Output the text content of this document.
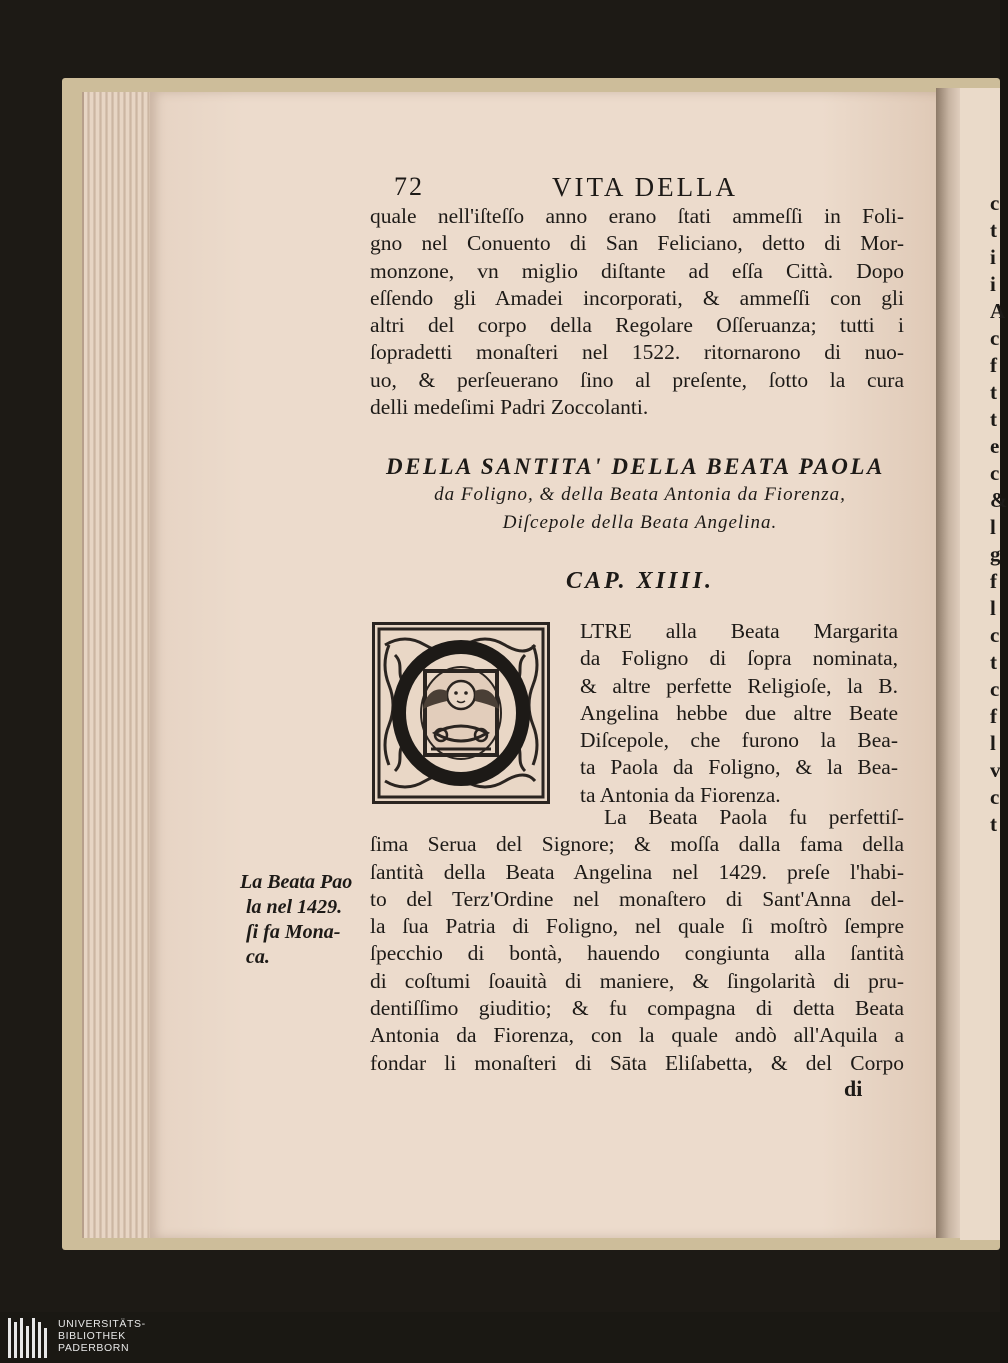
c
t
i
i
A
c
f
t
t
e
c
&
l
g
f
l
c
t
c
f
l
v
c
t
72	VITA DELLA
quale nell'iſteſſo anno erano ſtati ammeſſi in Foli-
gno nel Conuento di San Feliciano, detto di Mor-
monzone, vn miglio diſtante ad eſſa Città. Dopo
eſſendo gli Amadei incorporati, & ammeſſi con gli
altri del corpo della Regolare Oſſeruanza; tutti i
ſopradetti monaſteri nel 1522. ritornarono di nuo-
uo, & perſeuerano ſino al preſente, ſotto la cura
delli medeſimi Padri Zoccolanti.
DELLA SANTITA' DELLA BEATA PAOLA
da Foligno, & della Beata Antonia da Fiorenza,
Diſcepole della Beata Angelina.
CAP. XIIII.
LTRE alla Beata Margarita
da Foligno di ſopra nominata,
& altre perfette Religioſe, la B.
Angelina hebbe due altre Beate
Diſcepole, che furono la Bea-
ta Paola da Foligno, & la Bea-
ta Antonia da Fiorenza.
La Beata Paola fu perfettiſ-
ſima Serua del Signore; & moſſa dalla fama della
ſantità della Beata Angelina nel 1429. preſe l'habi-
to del Terz'Ordine nel monaſtero di Sant'Anna del-
la ſua Patria di Foligno, nel quale ſi moſtrò ſempre
ſpecchio di bontà, hauendo congiunta alla ſantità
di coſtumi ſoauità di maniere, & ſingolarità di pru-
dentiſſimo giuditio; & fu compagna di detta Beata
Antonia da Fiorenza, con la quale andò all'Aquila a
fondar li monaſteri di Sāta Eliſabetta, & del Corpo
di
La Beata Pao
la nel 1429.
ſi fa Mona-
ca.
UNIVERSITÄTS-
BIBLIOTHEK
PADERBORN
